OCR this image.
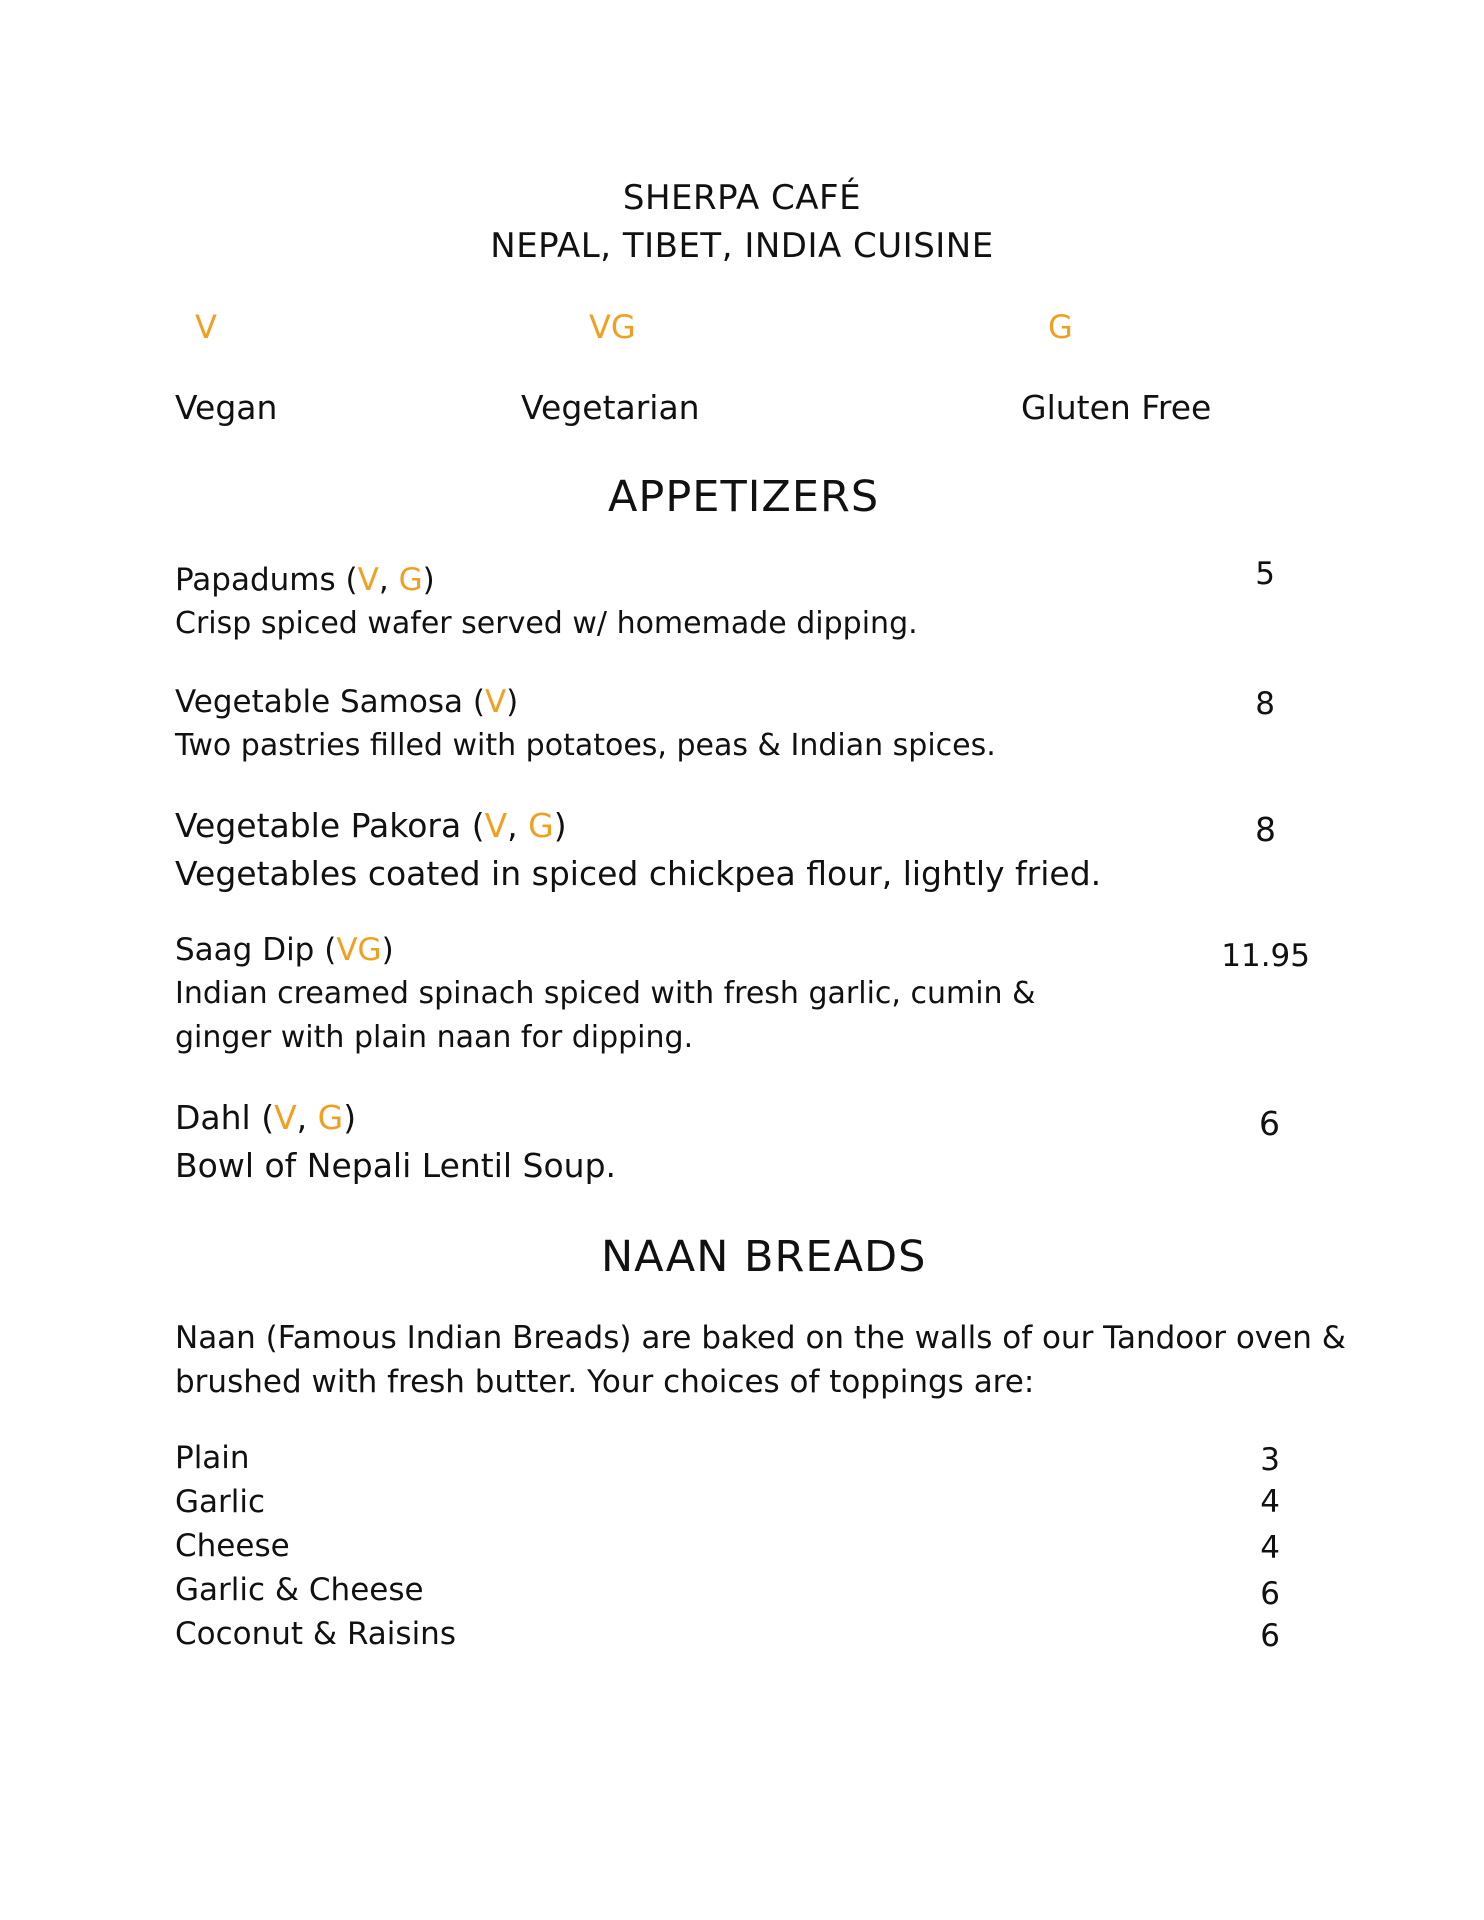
SHERPA CAFÉ
NEPAL, TIBET, INDIA CUISINE
V	VG	G
Vegan	Vegetarian	Gluten Free
APPETIZERS
Papadums (V, G)	5
Crisp spiced wafer served w/ homemade dipping.
Vegetable Samosa (V)	8
Two pastries filled with potatoes, peas & Indian spices.
Vegetable Pakora (V, G)	8
Vegetables coated in spiced chickpea flour, lightly fried.
Saag Dip (VG)	11.95
Indian creamed spinach spiced with fresh garlic, cumin &
ginger with plain naan for dipping.
Dahl (V, G)	6
Bowl of Nepali Lentil Soup.
NAAN BREADS
Naan (Famous Indian Breads) are baked on the walls of our Tandoor oven &
brushed with fresh butter. Your choices of toppings are:
Plain	3
Garlic	4
Cheese	4
Garlic & Cheese	6
Coconut & Raisins	6
